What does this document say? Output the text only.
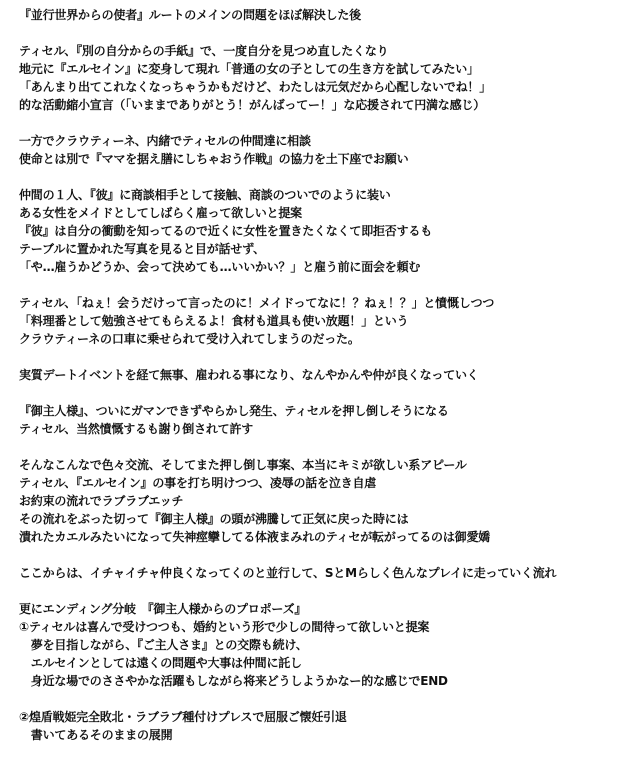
『並行世界からの使者』ルートのメインの問題をほぼ解決した後
ティセル、『別の自分からの手紙』で、一度自分を見つめ直したくなり
地元に『エルセイン』に変身して現れ「普通の女の子としての生き方を試してみたい」
「あんまり出てこれなくなっちゃうかもだけど、わたしは元気だから心配しないでね！」
的な活動縮小宣言（「いままでありがとう！がんばってー！」な応援されて円満な感じ）
一方でクラウティーネ、内緒でティセルの仲間達に相談
使命とは別で『ママを据え膳にしちゃおう作戦』の協力を土下座でお願い
仲間の１人、『彼』に商談相手として接触、商談のついでのように装い
ある女性をメイドとしてしばらく雇って欲しいと提案
『彼』は自分の衝動を知ってるので近くに女性を置きたくなくて即拒否するも
テーブルに置かれた写真を見ると目が話せず、
「や…雇うかどうか、会って決めても…いいかい？」と雇う前に面会を頼む
ティセル、「ねぇ！会うだけって言ったのに！メイドってなに！？ねぇ！？」と憤慨しつつ
「料理番として勉強させてもらえるよ！食材も道具も使い放題！」という
クラウティーネの口車に乗せられて受け入れてしまうのだった。
実質デートイベントを経て無事、雇われる事になり、なんやかんや仲が良くなっていく
『御主人様』、ついにガマンできずやらかし発生、ティセルを押し倒しそうになる
ティセル、当然憤慨するも謝り倒されて許す
そんなこんなで色々交流、そしてまた押し倒し事案、本当にキミが欲しい系アピール
ティセル、『エルセイン』の事を打ち明けつつ、凌辱の話を泣き自虐
お約束の流れでラブラブエッチ
その流れをぶった切って『御主人様』の頭が沸騰して正気に戻った時には
潰れたカエルみたいになって失神痙攣してる体液まみれのティセが転がってるのは御愛嬌
ここからは、イチャイチャ仲良くなってくのと並行して、SとMらしく色んなプレイに走っていく流れ
更にエンディング分岐　『御主人様からのプロポーズ』
①ティセルは喜んで受けつつも、婚約という形で少しの間待って欲しいと提案
　夢を目指しながら、『ご主人さま』との交際も続け、
　エルセインとしては遠くの問題や大事は仲間に託し
　身近な場でのささやかな活躍もしながら将来どうしようかなー的な感じでEND
②煌盾戦姫完全敗北・ラブラブ種付けプレスで屈服ご懐妊引退
　書いてあるそのままの展開
